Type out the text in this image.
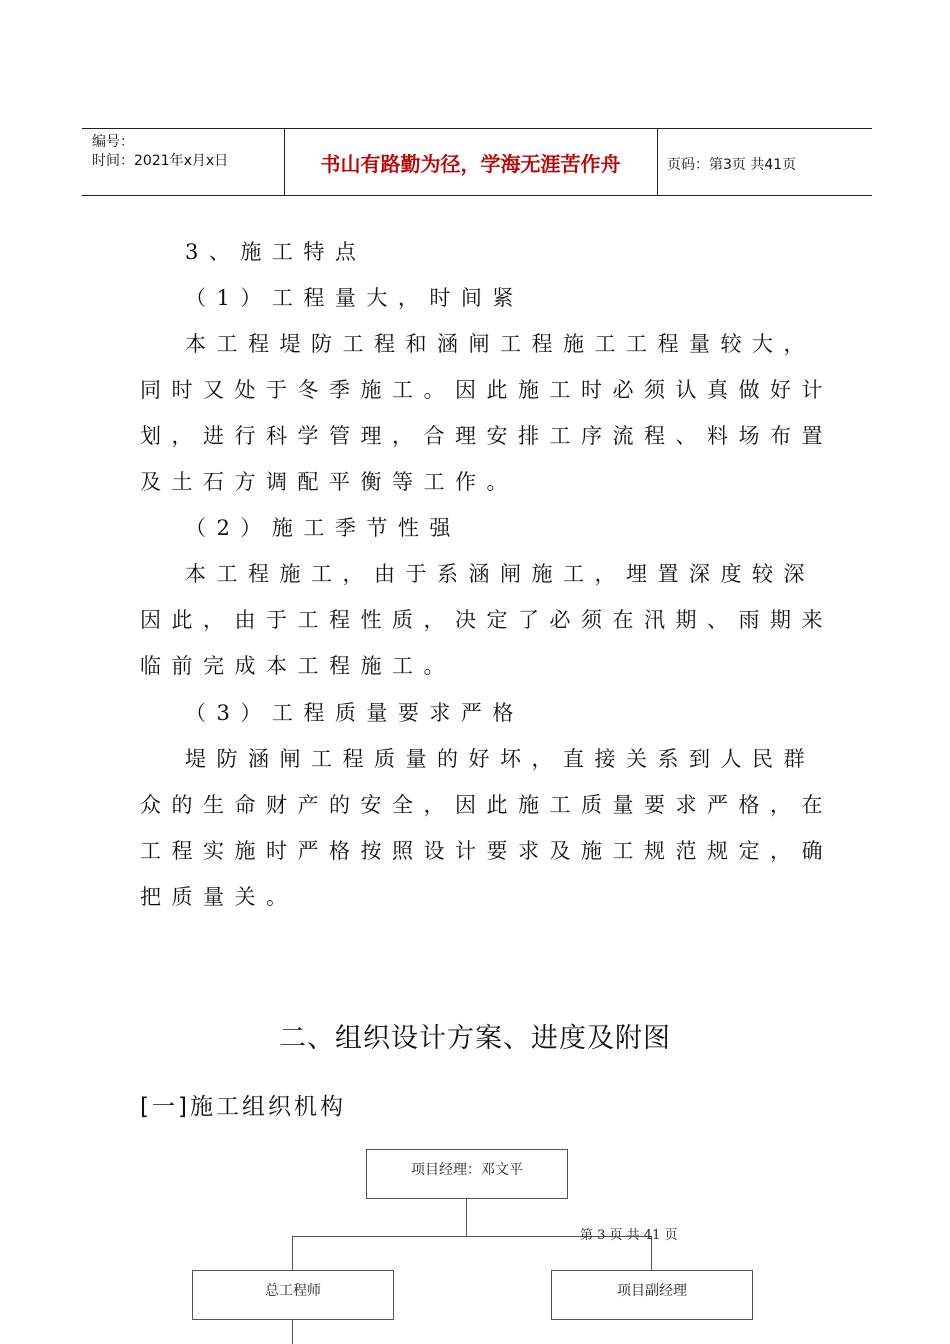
编号：
时间：2021年x月x日	书山有路勤为径，学海无涯苦作舟	页码：第3页 共41页
3、施工特点
（1）工程量大，时间紧
本工程堤防工程和涵闸工程施工工程量较大，
同时又处于冬季施工。因此施工时必须认真做好计
划，进行科学管理，合理安排工序流程、料场布置
及土石方调配平衡等工作。
（2）施工季节性强
本工程施工，由于系涵闸施工，埋置深度较深
因此，由于工程性质，决定了必须在汛期、雨期来
临前完成本工程施工。
（3）工程质量要求严格
堤防涵闸工程质量的好坏，直接关系到人民群
众的生命财产的安全，因此施工质量要求严格，在
工程实施时严格按照设计要求及施工规范规定，确
把质量关。
二、组织设计方案、进度及附图
[一]施工组织机构
项目经理：邓文平
总工程师	项目副经理
第 3 页 共 41 页
